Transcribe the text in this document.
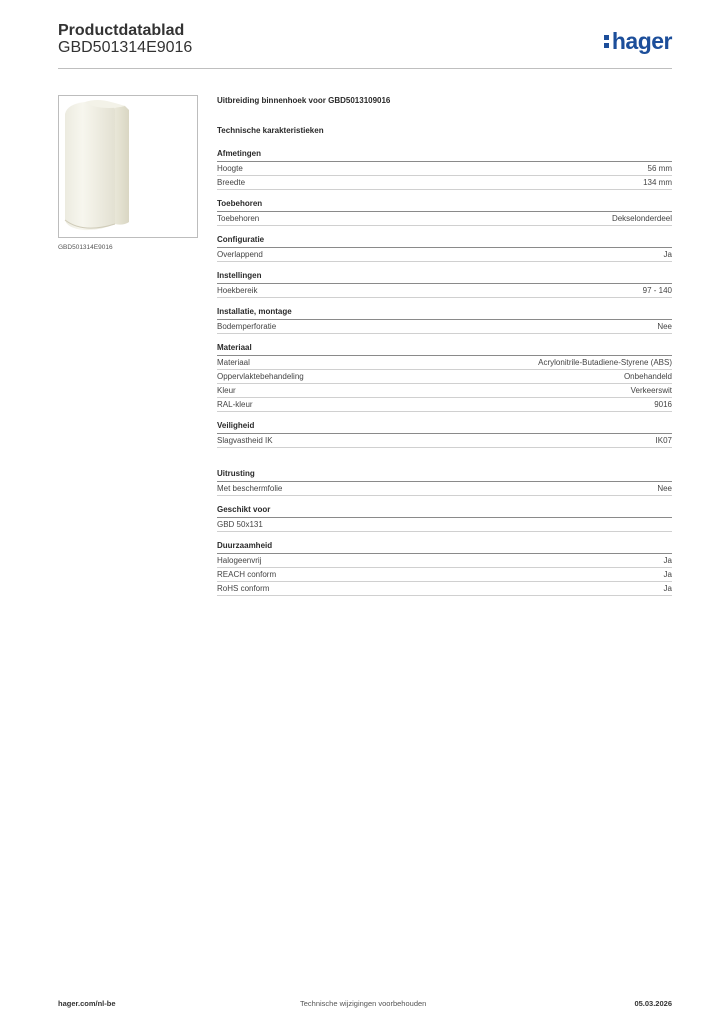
Productdatablad
GBD501314E9016	hager
GBD501314E9016
Uitbreiding binnenhoek voor GBD5013109016
Technische karakteristieken
Afmetingen
Hoogte	56 mm
Breedte	134 mm
Toebehoren
Toebehoren	Dekselonderdeel
Configuratie
Overlappend	Ja
Instellingen
Hoekbereik	97 - 140
Installatie, montage
Bodemperforatie	Nee
Materiaal
Materiaal	Acrylonitrile-Butadiene-Styrene (ABS)
Oppervlaktebehandeling	Onbehandeld
Kleur	Verkeerswit
RAL-kleur	9016
Veiligheid
Slagvastheid IK	IK07
Uitrusting
Met beschermfolie	Nee
Geschikt voor
GBD 50x131
Duurzaamheid
Halogeenvrij	Ja
REACH conform	Ja
RoHS conform	Ja
hager.com/nl-be	Technische wijzigingen voorbehouden	05.03.2026
